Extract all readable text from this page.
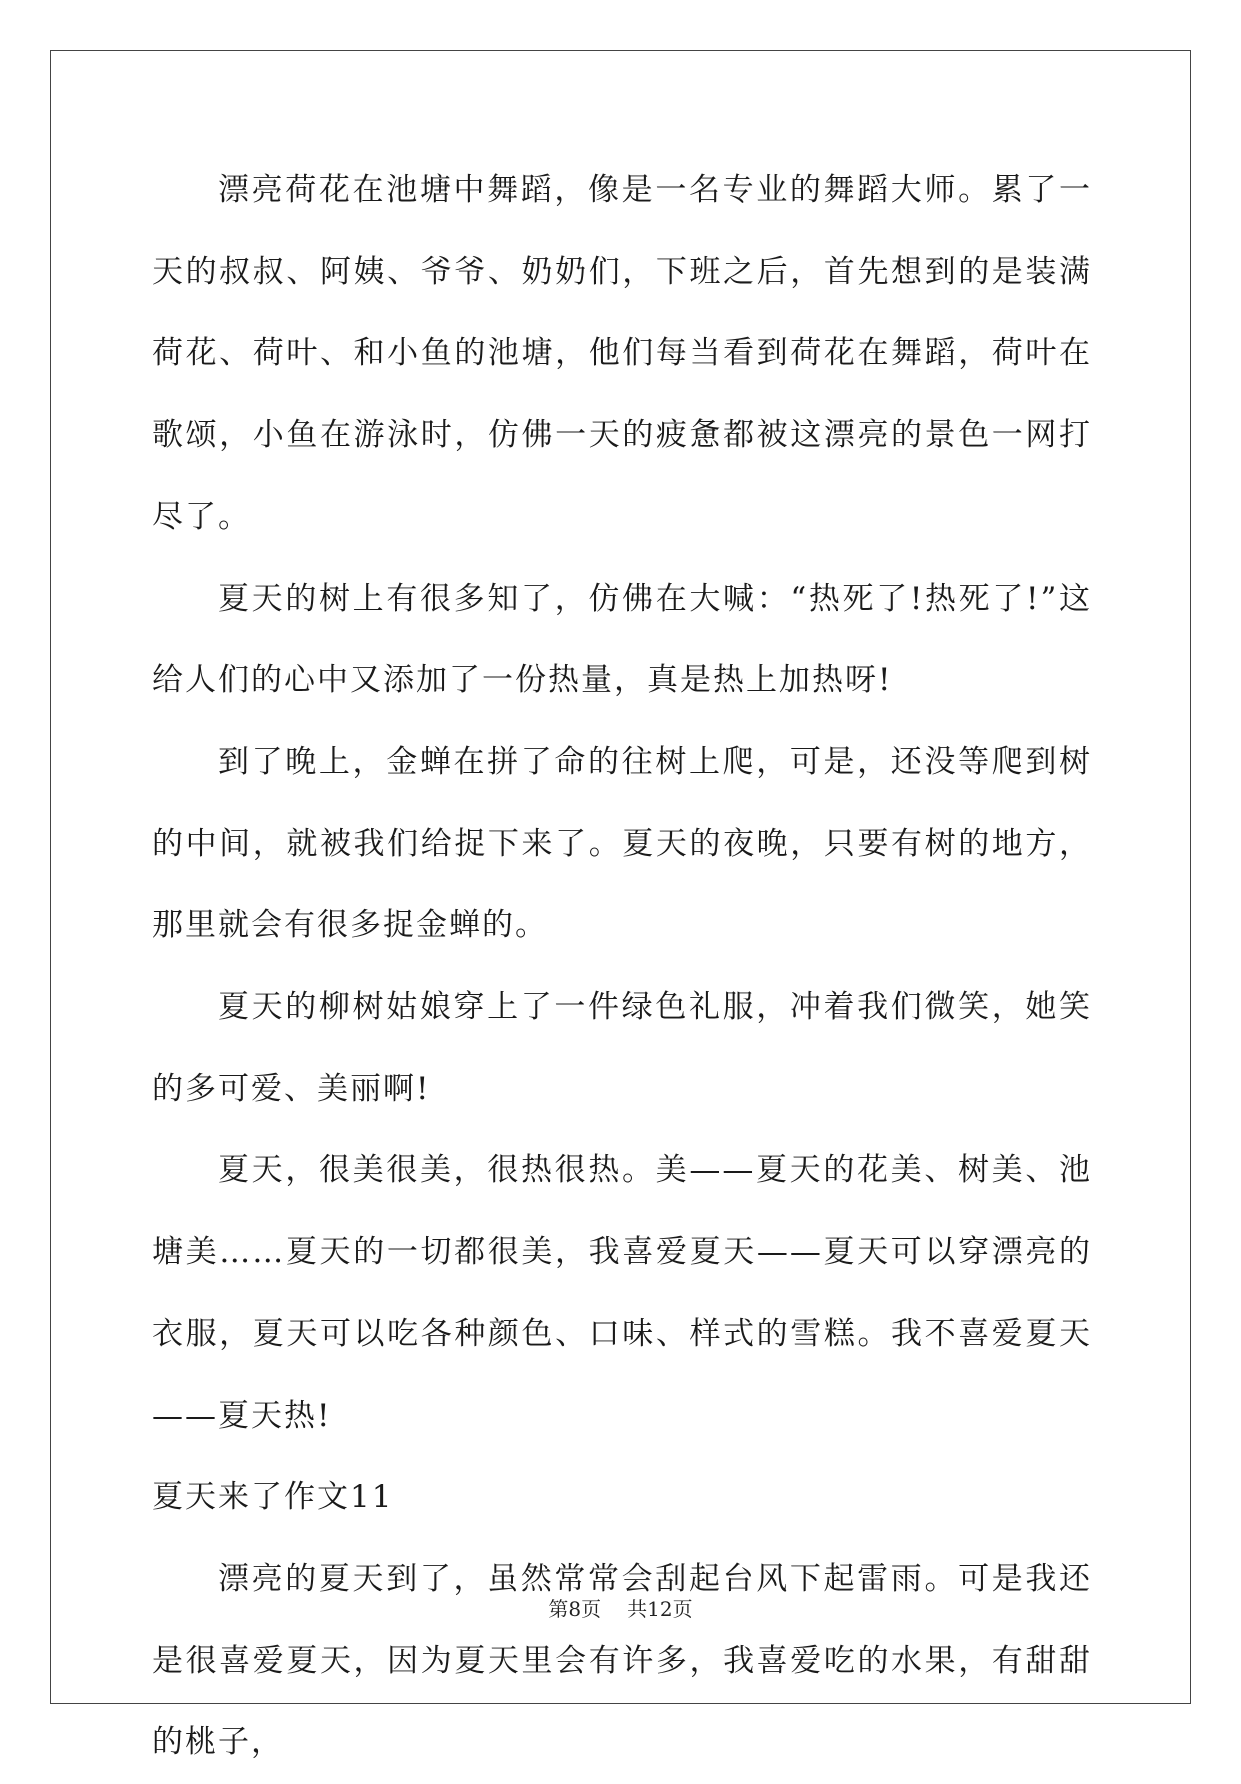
漂亮荷花在池塘中舞蹈，像是一名专业的舞蹈大师。累了一天的叔叔、阿姨、爷爷、奶奶们，下班之后，首先想到的是装满荷花、荷叶、和小鱼的池塘，他们每当看到荷花在舞蹈，荷叶在歌颂，小鱼在游泳时，仿佛一天的疲惫都被这漂亮的景色一网打尽了。

夏天的树上有很多知了，仿佛在大喊：“热死了!热死了!”这给人们的心中又添加了一份热量，真是热上加热呀!

到了晚上，金蝉在拼了命的往树上爬，可是，还没等爬到树的中间，就被我们给捉下来了。夏天的夜晚，只要有树的地方，那里就会有很多捉金蝉的。

夏天的柳树姑娘穿上了一件绿色礼服，冲着我们微笑，她笑的多可爱、美丽啊!

夏天，很美很美，很热很热。美——夏天的花美、树美、池塘美……夏天的一切都很美，我喜爱夏天——夏天可以穿漂亮的衣服，夏天可以吃各种颜色、口味、样式的雪糕。我不喜爱夏天——夏天热!

夏天来了作文11

漂亮的夏天到了，虽然常常会刮起台风下起雷雨。可是我还是很喜爱夏天，因为夏天里会有许多，我喜爱吃的水果，有甜甜的桃子，

第8页 共12页
